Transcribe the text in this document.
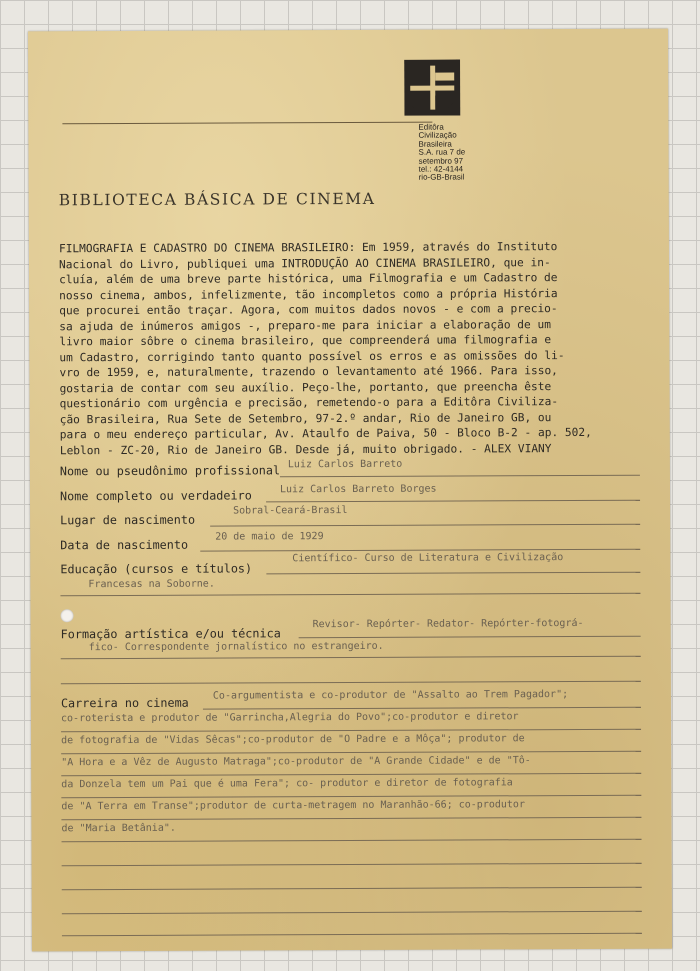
Editôra
Civilização
Brasileira
S.A. rua 7 de
setembro 97
tel.: 42-4144
rio-GB-Brasil
BIBLIOTECA BÁSICA DE CINEMA
FILMOGRAFIA E CADASTRO DO CINEMA BRASILEIRO: Em 1959, através do Instituto
Nacional do Livro, publiquei uma INTRODUÇÃO AO CINEMA BRASILEIRO, que in-
cluía, além de uma breve parte histórica, uma Filmografia e um Cadastro de
nosso cinema, ambos, infelizmente, tão incompletos como a própria História
que procurei então traçar. Agora, com muitos dados novos - e com a precio-
sa ajuda de inúmeros amigos -, preparo-me para iniciar a elaboração de um
livro maior sôbre o cinema brasileiro, que compreenderá uma filmografia e
um Cadastro, corrigindo tanto quanto possível os erros e as omissões do li-
vro de 1959, e, naturalmente, trazendo o levantamento até 1966. Para isso,
gostaria de contar com seu auxílio. Peço-lhe, portanto, que preencha êste
questionário com urgência e precisão, remetendo-o para a Editôra Civiliza-
ção Brasileira, Rua Sete de Setembro, 97-2.º andar, Rio de Janeiro GB, ou
para o meu endereço particular, Av. Ataulfo de Paiva, 50 - Bloco B-2 - ap. 502,
Leblon - ZC-20, Rio de Janeiro GB. Desde já, muito obrigado. - ALEX VIANY
Nome ou pseudônimo profissional Luiz Carlos Barreto
Nome completo ou verdadeiro	Luiz Carlos Barreto Borges
Lugar de nascimento
Sobral-Ceará-Brasil
Data de nascimento
20 de maio de 1929
Educação (cursos e títulos)
Científico- Curso de Literatura e Civilização
Francesas na Soborne.
Formação artística e/ou técnica
Revisor- Repórter- Redator- Repórter-fotográ-
fico- Correspondente jornalístico no estrangeiro.
Carreira no cinema
Co-argumentista e co-produtor de "Assalto ao Trem Pagador";
co-roterista e produtor de "Garrincha,Alegria do Povo";co-produtor e diretor
de fotografia de "Vidas Sêcas";co-produtor de "O Padre e a Môça"; produtor de
"A Hora e a Vêz de Augusto Matraga";co-produtor de "A Grande Cidade" e de "Tô-
da Donzela tem um Pai que é uma Fera"; co- produtor e diretor de fotografia
de "A Terra em Transe";produtor de curta-metragem no Maranhão-66; co-produtor
de "Maria Betânia".
